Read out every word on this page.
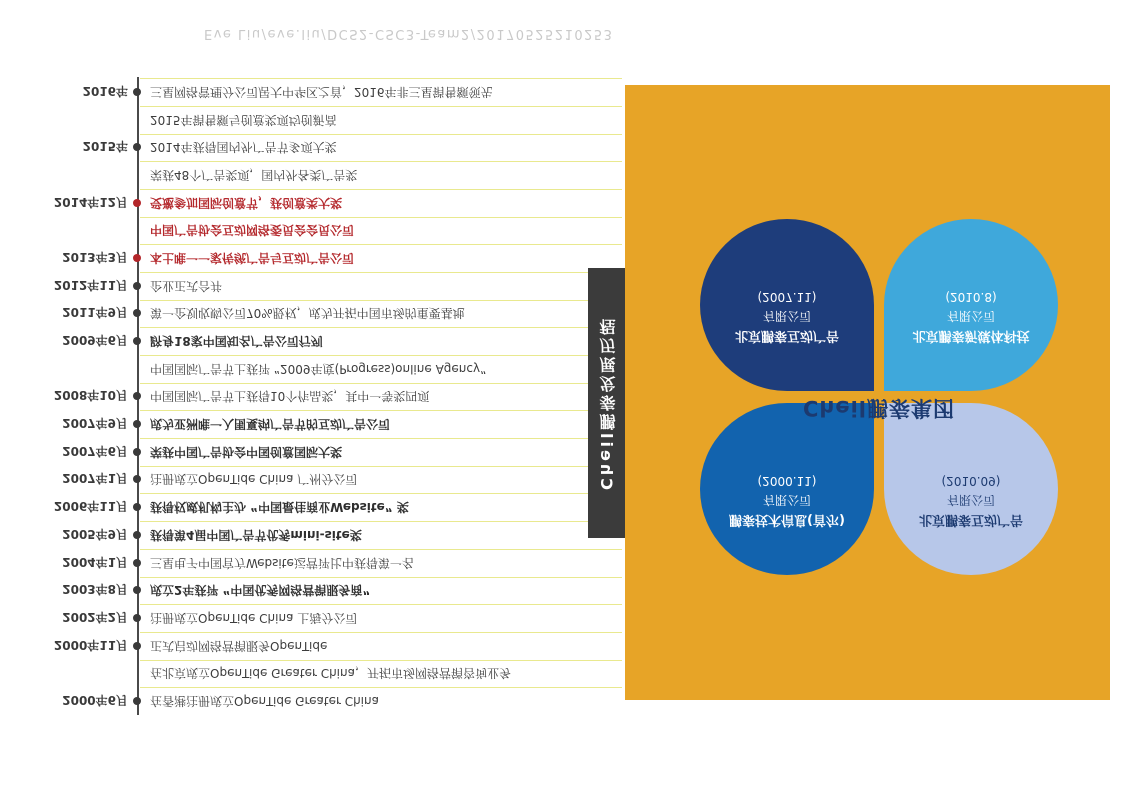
2000年6月 在香港注册成立OpenTide Greater China
在北京成立OpenTide Greater China，开拓市场网络营销咨询业务
2000年11月 正式启动网络营销服务OpenTide
2002年2月 注册成立OpenTide China 上海分公司
2003年8月 成立2年获评 “中国优秀网络营销服务商”
2004年1月 三星电子中国官方Website运营评比中获得第一名
2005年9月 获得第4届中国广告节优秀mini-site奖
2006年11月 获得权威机构主办 “中国最佳商业Website” 奖
2007年1月 注册成立OpenTide China 广州分公司
2007年6月 荣获中国广告协会中国创意国际大奖
2007年9月 成为亚洲唯一入围戛纳广告节的互动广告公司
2008年10月 中国国际广告节上获得10个作品奖，其中一等奖四项
中国国际广告节上获评 “2009年度(Progress)online Agency”
2009年6月 跻身18家中国知名广告公司行列
2011年9月 第一企划收购公司70%股权，成为开拓中国市场的重要基地
2012年11月 企业正式合并
2013年3月 本土唯一一家传统广告与互动广告公司
中国广告协会互动网络委员会会员公司
2014年12月 受邀参加国际创意节，获创意类大奖
荣获48个广告奖项，国内外各类广告奖
2015年 2014年获得国内外广告节多项大奖
2015年销售额与创意奖项均创新高
2016年 三星网络管理分公司居大中华区之首，2016年非三星销售额领先
Cheil鹏泰发展历程
鹏泰技术信息(首尔)
有限公司
(2000.11)
北京鹏泰互动广告
有限公司
(2010.09)
北京鹏泰互动广告
有限公司
(2007.11)
北京鹏泰新媒体科技
有限公司
(2010.8)
Cheil鹏泰集团
Eve Liu/eve.liu/DCS2-CSC3-Team2/20170525210253
